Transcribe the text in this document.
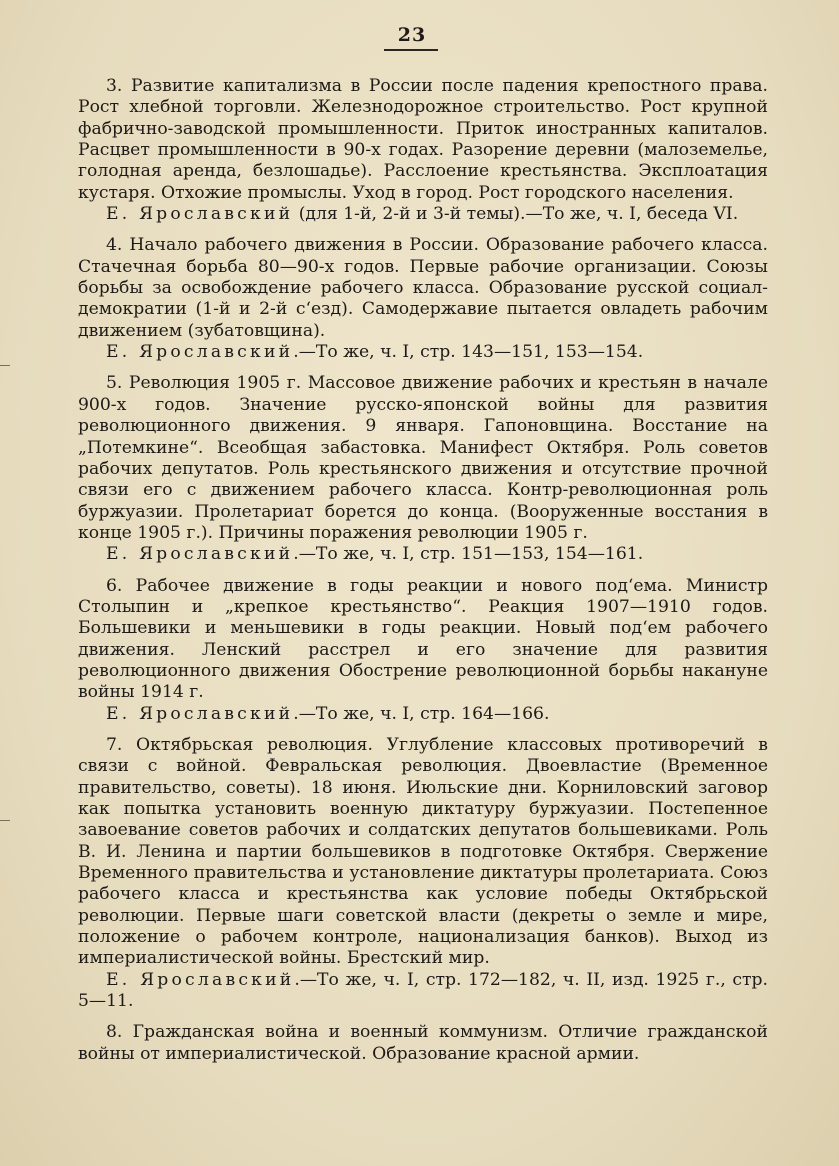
23

3. Развитие капитализма в России после падения крепостного права. Рост хлебной торговли. Железнодорожное строительство. Рост крупной фабрично-заводской промышленности. Приток иностранных капиталов. Расцвет промышленности в 90-х годах. Разорение деревни (малоземелье, голодная аренда, безлошадье). Расслоение крестьянства. Эксплоатация кустаря. Отхожие промыслы. Уход в город. Рост городского населения.

Е. Ярославский (для 1-й, 2-й и 3-й темы).—То же, ч. I, беседа VI.

4. Начало рабочего движения в России. Образование рабочего класса. Стачечная борьба 80—90-х годов. Первые рабочие организации. Союзы борьбы за освобождение рабочего класса. Образование русской социал-демократии (1-й и 2-й с‘езд). Самодержавие пытается овладеть рабочим движением (зубатовщина).

Е. Ярославский.—То же, ч. I, стр. 143—151, 153—154.

5. Революция 1905 г. Массовое движение рабочих и крестьян в начале 900-х годов. Значение русско-японской войны для развития революционного движения. 9 января. Гапоновщина. Восстание на „Потемкине“. Всеобщая забастовка. Манифест Октября. Роль советов рабочих депутатов. Роль крестьянского движения и отсутствие прочной связи его с движением рабочего класса. Контр-революционная роль буржуазии. Пролетариат борется до конца. (Вооруженные восстания в конце 1905 г.). Причины поражения революции 1905 г.

Е. Ярославский.—То же, ч. I, стр. 151—153, 154—161.

6. Рабочее движение в годы реакции и нового под‘ема. Министр Столыпин и „крепкое крестьянство“. Реакция 1907—1910 годов. Большевики и меньшевики в годы реакции. Новый под‘ем рабочего движения. Ленский расстрел и его значение для развития революционного движения Обострение революционной борьбы накануне войны 1914 г.

Е. Ярославский.—То же, ч. I, стр. 164—166.

7. Октябрьская революция. Углубление классовых противоречий в связи с войной. Февральская революция. Двоевластие (Временное правительство, советы). 18 июня. Июльские дни. Корниловский заговор как попытка установить военную диктатуру буржуазии. Постепенное завоевание советов рабочих и солдатских депутатов большевиками. Роль В. И. Ленина и партии большевиков в подготовке Октября. Свержение Временного правительства и установление диктатуры пролетариата. Союз рабочего класса и крестьянства как условие победы Октябрьской революции. Первые шаги советской власти (декреты о земле и мире, положение о рабочем контроле, национализация банков). Выход из империалистической войны. Брестский мир.

Е. Ярославский.—То же, ч. I, стр. 172—182, ч. II, изд. 1925 г., стр. 5—11.

8. Гражданская война и военный коммунизм. Отличие гражданской войны от империалистической. Образование красной армии.
